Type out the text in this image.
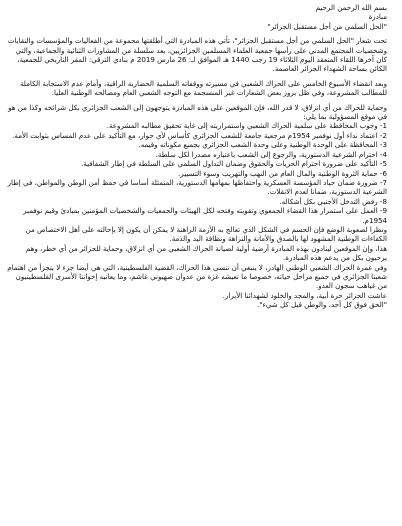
بسم الله الرحمن الرحيم

مبادرة

"الحل السلمي من أجل مستقبل الجزائر"

تحت شعار "الحل السلمي من أجل مستقبل الجزائر"، تأتي هذه المبادرة التي أطلقتها مجموعة من الفعاليات والمؤسسات والنقابات وشخصيات المجتمع المدني على رأسها جمعية العلماء المسلمين الجزائريين، بعد سلسلة من المشاورات الثنائية والجماعية، والتي كان آخرها اللقاء المنعقد اليوم الثلاثاء 19 رجب 1440 هـ الموافق لـ: 26 مارس 2019 م بنادي الترقي: المقر التاريخي للجمعية، الكائن بساحة الشهداء الجزائر العاصمة.

وبعد انقضاء الأسبوع الخامس على الحراك الشعبي في مسيرته ووقفاته السلمية الحضارية الراقية، وأمام عدم الاستجابة الكاملة للمطالب المشروعة، وفي ظل بروز بعض الشعارات غير المنسجمة مع التوجه الشعبي العام ومصالحه الوطنية العليا.

وحماية للحراك من أي انزلاق، لا قدر الله، فإن الموقعين على هذه المبادرة يتوجهون إلى الشعب الجزائري بكل شرائحه وكذا من هو في موقع المسؤولية بما يلي:

1- وجوب المحافظة على سلمية الحراك الشعبي واستمراريته إلى غاية تحقيق مطالبه المشروعة.
2- اعتماد نداء أول نوفمبر 1954م مرجعية جامعة للشعب الجزائري كأساس لأي حوار، مع التأكيد على عدم المساس بثوابت الأمة.
3- المحافظة على الوحدة الوطنية وعلى وحدة الشعب الجزائري بجميع مكوناته وقيمه.
4- احترام الشرعية الدستورية، والرجوع إلى الشعب باعتباره مصدرا لكل سلطة.
5- التأكيد على ضرورة احترام الحريات والحقوق وضمان التداول السلمي على السلطة في إطار الشفافية.
6- حماية الثروة الوطنية والمال العام من النهب والتهريب وسوء التسيير.
7- ضرورة ضمان حياد المؤسسة العسكرية واحتفاظها بمهامها الدستورية، المتمثلة أساسا في حفظ أمن الوطن والمواطن، في إطار الشرعية الدستورية، ضمانا لعدم الانفلات.
8- رفض التدخل الأجنبي بكل أشكاله.
9- العمل على استمرار هذا الفضاء الجمعوي وتقويته وفتحه لكل الهيئات والجمعيات والشخصيات المؤمنين بمبادئ وقيم نوفمبر 1954م.

ونظرا لصعوبة الوضع فإن الحسم في الشكل الذي تعالج به الأزمة الراهنة لا يمكن أن يكون إلا بإحالته على أهل الاختصاص من الكفاءات الوطنية المشهود لها بالصدق والأمانة والنزاهة ونظافة اليد والذمة.

هذا، وإن الموقعين لينادون بهذه المبادرة أرضية أولية لصيانة الحراك الشعبي من أي انزلاق، وحماية للجزائر من أي خطر، وهم يرحبون بكل من يدعم هذه المبادرة.

وفي غمرة الحراك الشعبي الوطني الهادر، لا ينبغي أن ننسى هذا الحراك، القضية الفلسطينية، التي هي أيضا جزء لا يتجزأ من اهتمام شعبنا الجزائري في جميع مراحل حياته، خصوصا ما تعيشه غزة من عدوان صهيوني غاشم، وما يعانيه إخواننا الأسرى الفلسطينيون من غياهب سجون العدو.

عاشت الجزائر حرة أبية، والمجد والخلود لشهدائنا الأبرار.

"الحق فوق كل أحد، والوطن قبل كل شيء".
